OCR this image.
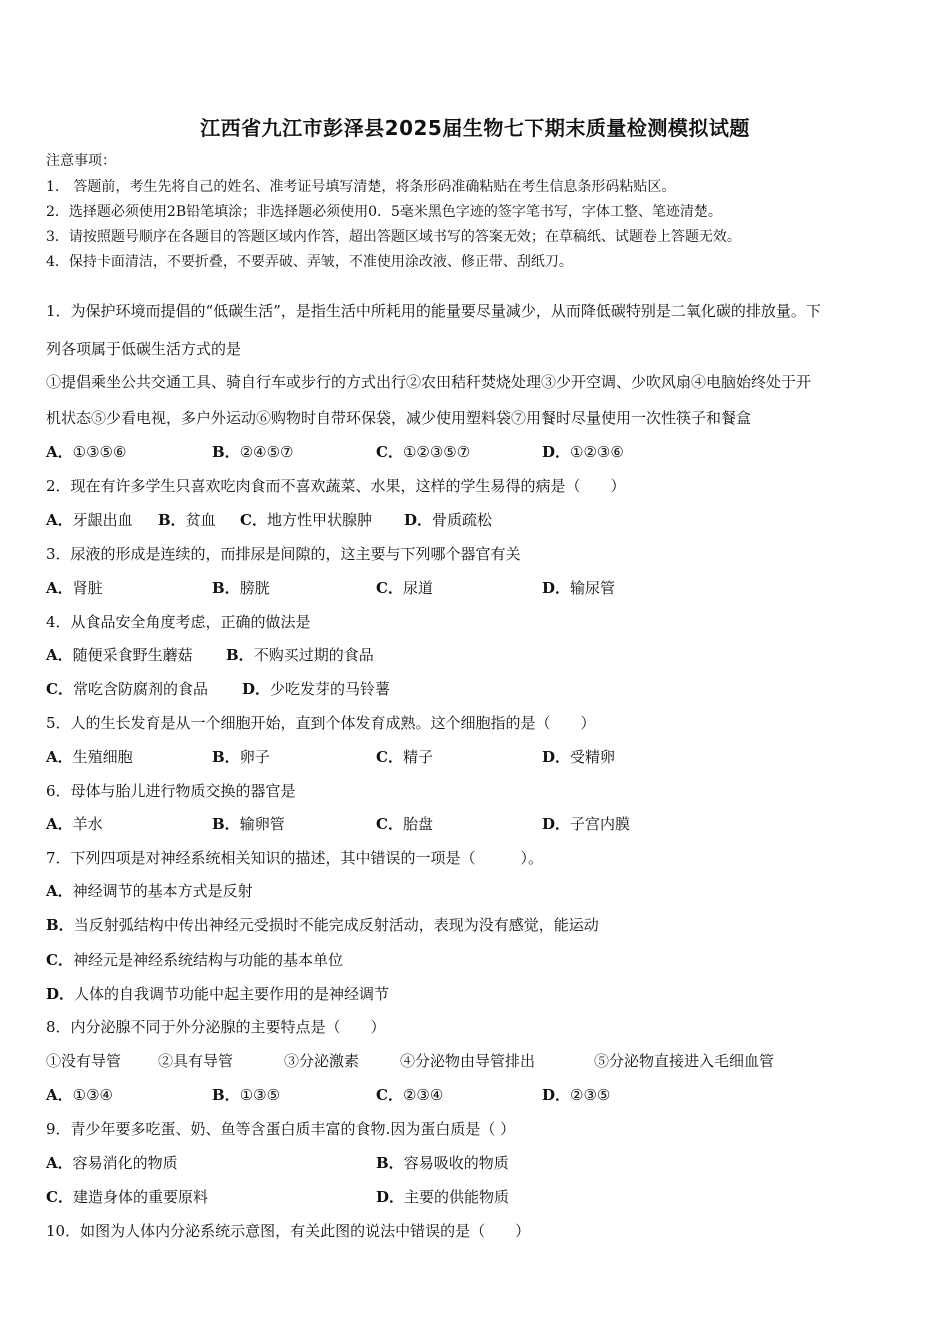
江西省九江市彭泽县2025届生物七下期末质量检测模拟试题
注意事项：
1.　答题前，考生先将自己的姓名、准考证号填写清楚，将条形码准确粘贴在考生信息条形码粘贴区。
2．选择题必须使用2B铅笔填涂；非选择题必须使用0．5毫米黑色字迹的签字笔书写，字体工整、笔迹清楚。
3．请按照题号顺序在各题目的答题区域内作答，超出答题区域书写的答案无效；在草稿纸、试题卷上答题无效。
4．保持卡面清洁，不要折叠，不要弄破、弄皱，不准使用涂改液、修正带、刮纸刀。
1．为保护环境而提倡的“低碳生活”，是指生活中所耗用的能量要尽量减少，从而降低碳特别是二氧化碳的排放量。下
列各项属于低碳生活方式的是
①提倡乘坐公共交通工具、骑自行车或步行的方式出行②农田秸秆焚烧处理③少开空调、少吹风扇④电脑始终处于开
机状态⑤少看电视，多户外运动⑥购物时自带环保袋，减少使用塑料袋⑦用餐时尽量使用一次性筷子和餐盒
A．①③⑤⑥	B．②④⑤⑦	C．①②③⑤⑦	D．①②③⑥
2．现在有许多学生只喜欢吃肉食而不喜欢蔬菜、水果，这样的学生易得的病是（　　）
A．牙龈出血 B．贫血 C．地方性甲状腺肿 D．骨质疏松
3．尿液的形成是连续的，而排尿是间隙的，这主要与下列哪个器官有关
A．肾脏	B．膀胱	C．尿道	D．输尿管
4．从食品安全角度考虑，正确的做法是
A．随便采食野生蘑菇 B．不购买过期的食品
C．常吃含防腐剂的食品 D．少吃发芽的马铃薯
5．人的生长发育是从一个细胞开始，直到个体发育成熟。这个细胞指的是（　　）
A．生殖细胞	B．卵子	C．精子	D．受精卵
6．母体与胎儿进行物质交换的器官是
A．羊水	B．输卵管	C．胎盘	D．子宫内膜
7．下列四项是对神经系统相关知识的描述，其中错误的一项是（　　　）。
A．神经调节的基本方式是反射
B．当反射弧结构中传出神经元受损时不能完成反射活动，表现为没有感觉，能运动
C．神经元是神经系统结构与功能的基本单位
D．人体的自我调节功能中起主要作用的是神经调节
8．内分泌腺不同于外分泌腺的主要特点是（　　）
①没有导管 ②具有导管	③分泌激素	④分泌物由导管排出	⑤分泌物直接进入毛细血管
A．①③④	B．①③⑤	C．②③④	D．②③⑤
9．青少年要多吃蛋、奶、鱼等含蛋白质丰富的食物.因为蛋白质是（ ）
A．容易消化的物质	B．容易吸收的物质
C．建造身体的重要原料	D．主要的供能物质
10．如图为人体内分泌系统示意图，有关此图的说法中错误的是（　　）
